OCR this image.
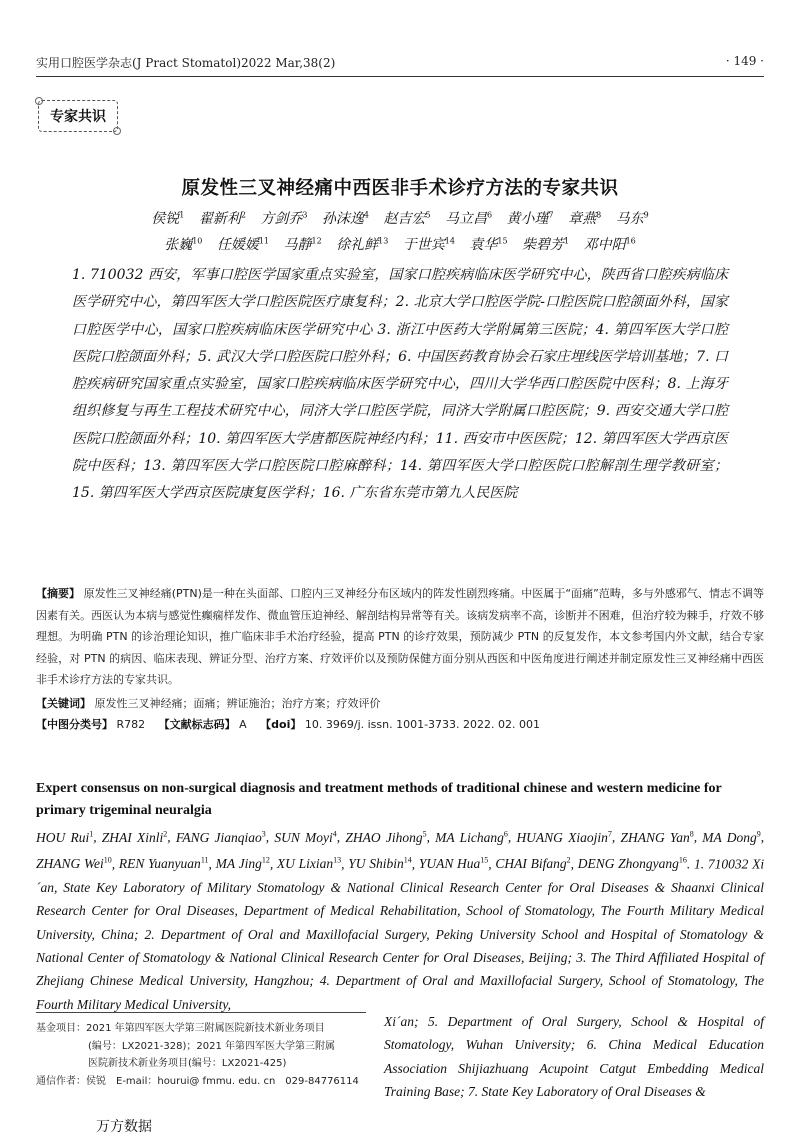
实用口腔医学杂志(J Pract Stomatol)2022 Mar,38(2)	· 149 ·
专家共识
原发性三叉神经痛中西医非手术诊疗方法的专家共识
侯锐$^1$ 翟新利$^2$ 方剑乔$^3$ 孙沫逸$^4$ 赵吉宏$^5$ 马立昌$^6$ 黄小瑾$^7$ 章燕$^8$ 马东$^9$
张巍$^{10}$ 任媛媛$^{11}$ 马静$^{12}$ 徐礼鲜$^{13}$ 于世宾$^{14}$ 袁华$^{15}$ 柴碧芳$^1$ 邓中阳$^{16}$
1. 710032 西安，军事口腔医学国家重点实验室，国家口腔疾病临床医学研究中心，陕西省口腔疾病临床医学研究中心，第四军医大学口腔医院医疗康复科；2. 北京大学口腔医学院-口腔医院口腔颌面外科，国家口腔医学中心，国家口腔疾病临床医学研究中心 3. 浙江中医药大学附属第三医院；4. 第四军医大学口腔医院口腔颌面外科；5. 武汉大学口腔医院口腔外科；6. 中国医药教育协会石家庄埋线医学培训基地；7. 口腔疾病研究国家重点实验室，国家口腔疾病临床医学研究中心，四川大学华西口腔医院中医科；8. 上海牙组织修复与再生工程技术研究中心，同济大学口腔医学院，同济大学附属口腔医院；9. 西安交通大学口腔医院口腔颌面外科；10. 第四军医大学唐都医院神经内科；11. 西安市中医医院；12. 第四军医大学西京医院中医科；13. 第四军医大学口腔医院口腔麻醉科；14. 第四军医大学口腔医院口腔解剖生理学教研室；15. 第四军医大学西京医院康复医学科；16. 广东省东莞市第九人民医院

【摘要】 原发性三叉神经痛(PTN)是一种在头面部、口腔内三叉神经分布区域内的阵发性剧烈疼痛。中医属于“面痛”范畴，多与外感邪气、情志不调等因素有关。西医认为本病与感觉性癫痫样发作、微血管压迫神经、解剖结构异常等有关。该病发病率不高，诊断并不困难，但治疗较为棘手，疗效不够理想。为明确 PTN 的诊治理论知识，推广临床非手术治疗经验，提高 PTN 的诊疗效果，预防减少 PTN 的反复发作，本文参考国内外文献，结合专家经验，对 PTN 的病因、临床表现、辨证分型、治疗方案、疗效评价以及预防保健方面分别从西医和中医角度进行阐述并制定原发性三叉神经痛中西医非手术诊疗方法的专家共识。

【关键词】 原发性三叉神经痛；面痛；辨证施治；治疗方案；疗效评价

【中图分类号】 R782 【文献标志码】 A 【doi】 10. 3969/j. issn. 1001-3733. 2022. 02. 001

Expert consensus on non-surgical diagnosis and treatment methods of traditional chinese and western medicine for primary trigeminal neuralgia
HOU Rui$^1$, ZHAI Xinli$^2$, FANG Jianqiao$^3$, SUN Moyi$^4$, ZHAO Jihong$^5$, MA Lichang$^6$, HUANG Xiaojin$^7$, ZHANG Yan$^8$, MA Dong$^9$, ZHANG Wei$^{10}$, REN Yuanyuan$^{11}$, MA Jing$^{12}$, XU Lixian$^{13}$, YU Shibin$^{14}$, YUAN Hua$^{15}$, CHAI Bifang$^2$, DENG Zhongyang$^{16}$. 1. 710032 Xi´an, State Key Laboratory of Military Stomatology & National Clinical Research Center for Oral Diseases & Shaanxi Clinical Research Center for Oral Diseases, Department of Medical Rehabilitation, School of Stomatology, The Fourth Military Medical University, China; 2. Department of Oral and Maxillofacial Surgery, Peking University School and Hospital of Stomatology & National Center of Stomatology & National Clinical Research Center for Oral Diseases, Beijing; 3. The Third Affiliated Hospital of Zhejiang Chinese Medical University, Hangzhou; 4. Department of Oral and Maxillofacial Surgery, School of Stomatology, The Fourth Military Medical University,
Xi´an; 5. Department of Oral Surgery, School & Hospital of Stomatology, Wuhan University; 6. China Medical Education Association Shijiazhuang Acupoint Catgut Embedding Medical Training Base; 7. State Key Laboratory of Oral Diseases &
基金项目： 2021 年第四军医大学第三附属医院新技术新业务项目
(编号：LX2021-328)；2021 年第四军医大学第三附属
医院新技术新业务项目(编号：LX2021-425)
通信作者： 侯锐　E-mail：hourui@ fmmu. edu. cn　029-84776114
万方数据
